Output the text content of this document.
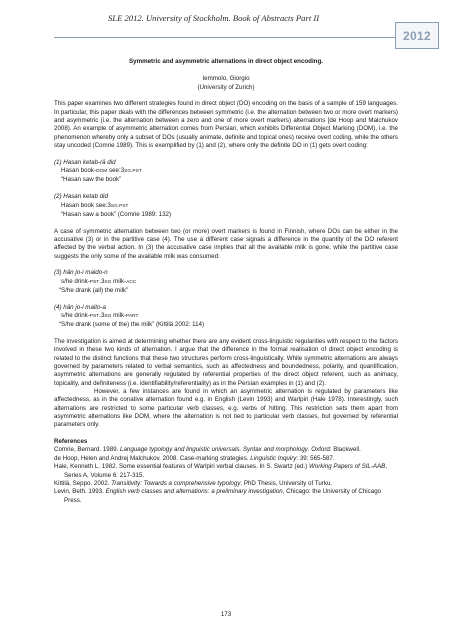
SLE 2012. University of Stockholm. Book of Abstracts Part II
2012

Symmetric and asymmetric alternations in direct object encoding.

Iemmolo, Giorgio

(University of Zurich)

This paper examines two different strategies found in direct object (DO) encoding on the basis of a sample of 159 languages. In particular, this paper deals with the differences between symmetric (i.e. the alternation between two or more overt markers) and asymmetric (i.e. the alternation between a zero and one of more overt markers) alternations [de Hoop and Malchukov 2008). An example of asymmetric alternation comes from Persian, which exhibits Differential Object Marking (DOM), i.e. the phenomenon whereby only a subset of DOs (usually animate, definite and topical ones) receive overt coding, while the others stay uncoded (Comrie 1989). This is exemplified by (1) and (2), where only the definite DO in (1) gets overt coding:

(1) Hasan ketab-rā did

Hasan book-DOM see:3SG.PST

“Hasan saw the book”

(2) Hasan ketab did

Hasan book see:3SG.PST

“Hasan saw a book” (Comrie 1989: 132)

A case of symmetric alternation between two (or more) overt markers is found in Finnish, where DOs can be either in the accusative (3) or in the partitive case (4). The use a different case signals a difference in the quantity of the DO referent affected by the verbal action. In (3) the accusative case implies that all the available milk is gone, while the partitive case suggests the only some of the available milk was consumed:

(3) hän jo-i maido-n

s/he drink-PST.3SG milk-ACC

“S/he drank (all) the milk”

(4) hän jo-i maito-a

s/he drink-PST.3SG milk-PART

“S/he drank (some of the) the milk” (Kittilä 2002: 114)

The investigation is aimed at determining whether there are any evident cross-linguistic regularities with respect to the factors involved in these two kinds of alternation. I argue that the difference in the formal realisation of direct object encoding is related to the distinct functions that these two structures perform cross-linguistically. While symmetric alternations are always governed by parameters related to verbal semantics, such as affectedness and boundedness, polarity, and quantification, asymmetric alternations are generally regulated by referential properties of the direct object referent, such as animacy, topicality, and definiteness (i.e. identifiability/referentiality) as in the Persian examples in (1) and (2).

However, a few instances are found in which an asymmetric alternation is regulated by parameters like affectedness, as in the conative alternation found e.g. in English (Levin 1993) and Warlpiri (Hale 1978). Interestingly, such alternations are restricted to some particular verb classes, e.g. verbs of hitting. This restriction sets them apart from asymmetric alternations like DOM, where the alternation is not tied to particular verb classes, but governed by referential parameters only.

References

Comrie, Bernard. 1989. Language typology and linguistic universals. Syntax and morphology. Oxford: Blackwell.

de Hoop, Helen and Andrej Malchukov. 2008. Case-marking strategies. Linguistic Inquiry: 39: 565-587.

Hale, Kenneth L. 1982. Some essential features of Warlpiri verbal clauses. In S. Swartz (ed.) Working Papers of SIL-AAB, Series A, Volume 6: 217-315.

Kittilä, Seppo. 2002. Transitivity: Towards a comprehensive typology. PhD Thesis, University of Turku.

Levin, Beth. 1993. English verb classes and alternations: a preliminary investigation, Chicago: the University of Chicago Press.

173
